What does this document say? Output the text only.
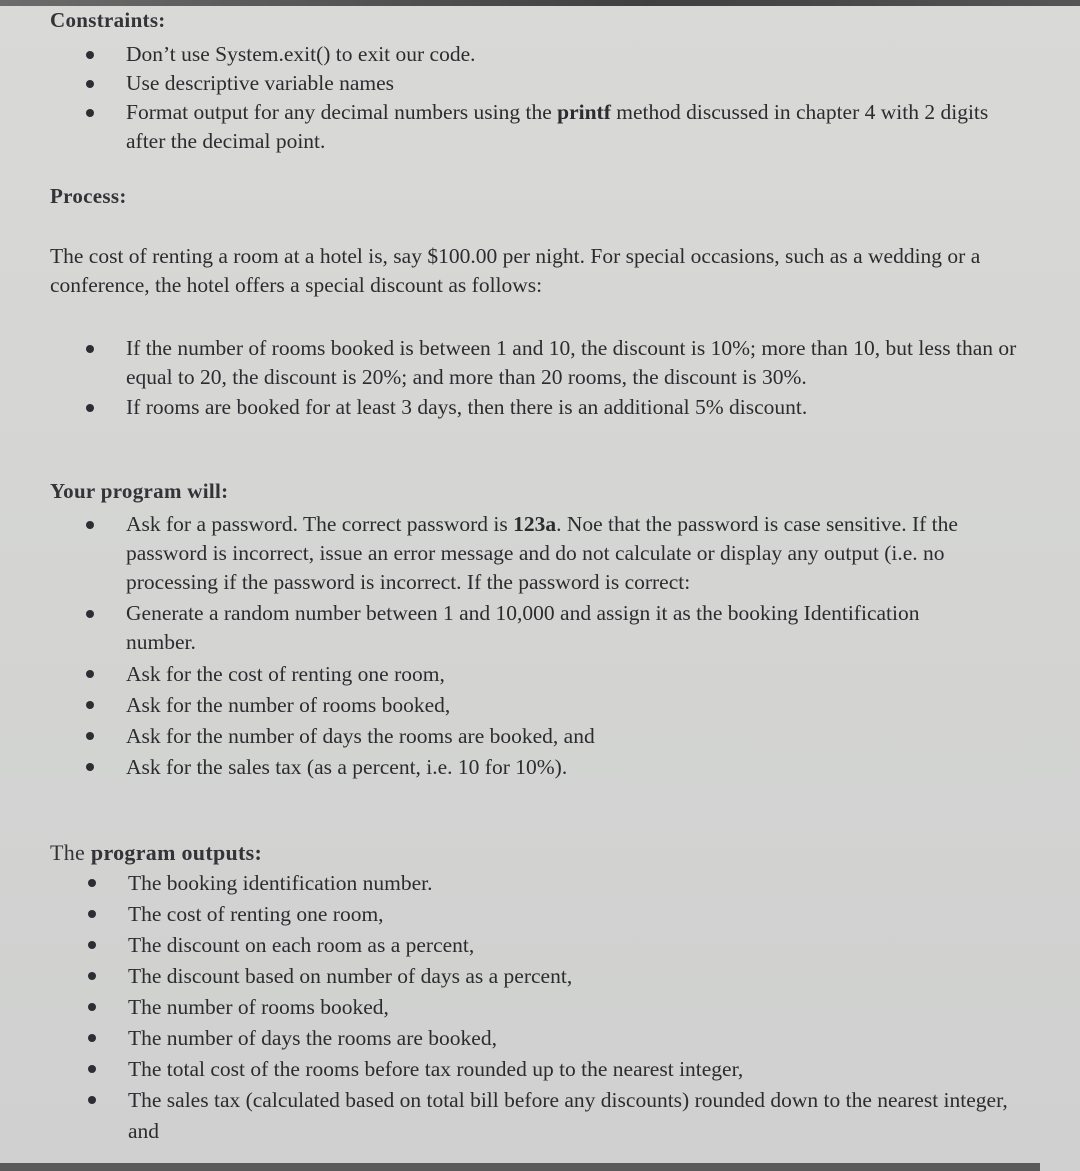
Constraints:
Don’t use System.exit() to exit our code.
Use descriptive variable names
Format output for any decimal numbers using the printf method discussed in chapter 4 with 2 digits after the decimal point.
Process:
The cost of renting a room at a hotel is, say $100.00 per night. For special occasions, such as a wedding or a conference, the hotel offers a special discount as follows:
If the number of rooms booked is between 1 and 10, the discount is 10%; more than 10, but less than or equal to 20, the discount is 20%; and more than 20 rooms, the discount is 30%.
If rooms are booked for at least 3 days, then there is an additional 5% discount.
Your program will:
Ask for a password. The correct password is 123a. Noe that the password is case sensitive. If the password is incorrect, issue an error message and do not calculate or display any output (i.e. no processing if the password is incorrect. If the password is correct:
Generate a random number between 1 and 10,000 and assign it as the booking Identification number.
Ask for the cost of renting one room,
Ask for the number of rooms booked,
Ask for the number of days the rooms are booked, and
Ask for the sales tax (as a percent, i.e. 10 for 10%).
The program outputs:
The booking identification number.
The cost of renting one room,
The discount on each room as a percent,
The discount based on number of days as a percent,
The number of rooms booked,
The number of days the rooms are booked,
The total cost of the rooms before tax rounded up to the nearest integer,
The sales tax (calculated based on total bill before any discounts) rounded down to the nearest integer, and
